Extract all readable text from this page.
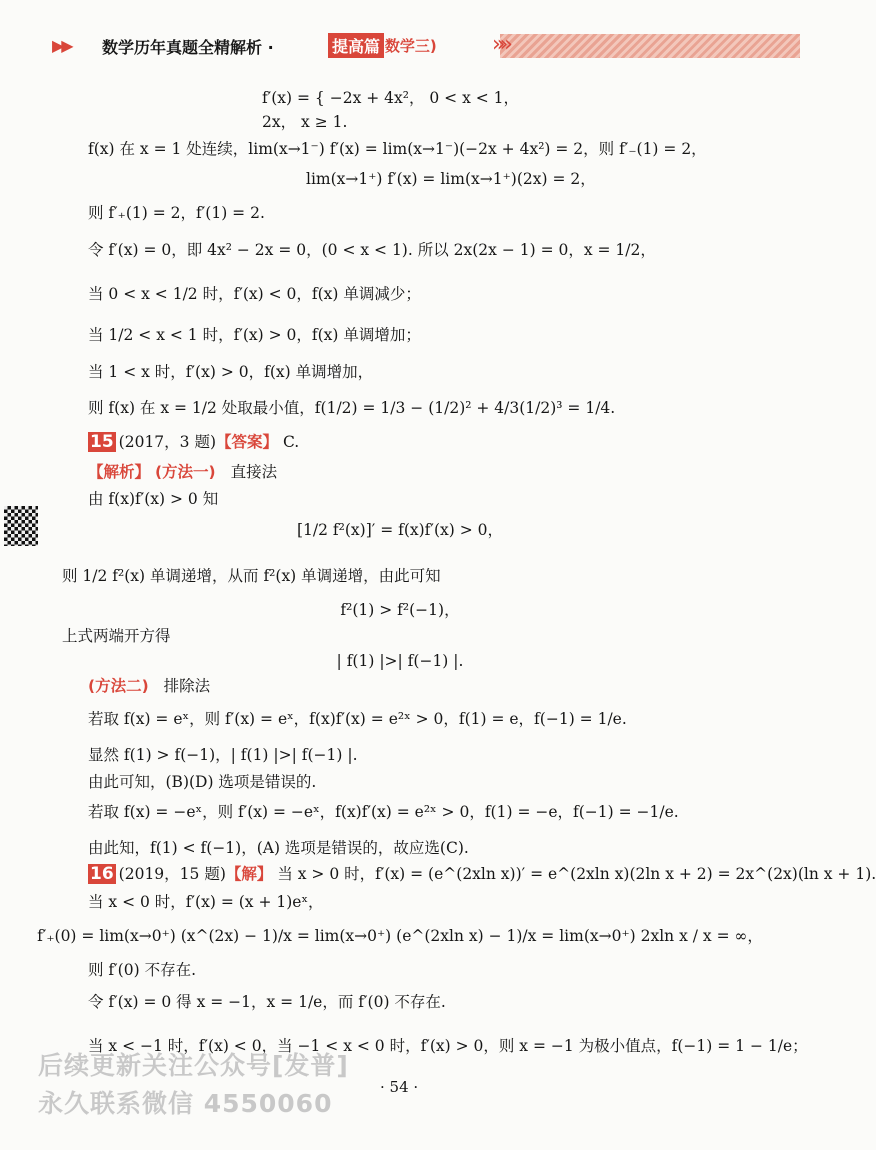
▶▶ 数学历年真题全精解析 ·	提高篇
(数学三)	»»
f′(x) = { −2x + 4x²， 0 < x < 1，
2x， x ≥ 1.
f(x) 在 x = 1 处连续，lim(x→1⁻) f′(x) = lim(x→1⁻)(−2x + 4x²) = 2，则 f′₋(1) = 2，
lim(x→1⁺) f′(x) = lim(x→1⁺)(2x) = 2，
则 f′₊(1) = 2，f′(1) = 2.
令 f′(x) = 0，即 4x² − 2x = 0，(0 < x < 1). 所以 2x(2x − 1) = 0，x = 1/2，
当 0 < x < 1/2 时，f′(x) < 0，f(x) 单调减少；
当 1/2 < x < 1 时，f′(x) > 0，f(x) 单调增加；
当 1 < x 时，f′(x) > 0，f(x) 单调增加，
则 f(x) 在 x = 1/2 处取最小值，f(1/2) = 1/3 − (1/2)² + 4/3(1/2)³ = 1/4.
15 (2017，3 题)【答案】 C.
【解析】 (方法一) 直接法
由 f(x)f′(x) > 0 知
[1/2 f²(x)]′ = f(x)f′(x) > 0，
则 1/2 f²(x) 单调递增，从而 f²(x) 单调递增，由此可知
f²(1) > f²(−1)，
上式两端开方得
| f(1) |>| f(−1) |.
(方法二) 排除法
若取 f(x) = eˣ，则 f′(x) = eˣ，f(x)f′(x) = e²ˣ > 0，f(1) = e，f(−1) = 1/e.
显然 f(1) > f(−1)，| f(1) |>| f(−1) |.
由此可知，(B)(D) 选项是错误的.
若取 f(x) = −eˣ，则 f′(x) = −eˣ，f(x)f′(x) = e²ˣ > 0，f(1) = −e，f(−1) = −1/e.
由此知，f(1) < f(−1)，(A) 选项是错误的，故应选(C).
16 (2019，15 题)【解】 当 x > 0 时，f′(x) = (e^(2xln x))′ = e^(2xln x)(2ln x + 2) = 2x^(2x)(ln x + 1).
当 x < 0 时，f′(x) = (x + 1)eˣ，
f′₊(0) = lim(x→0⁺) (x^(2x) − 1)/x = lim(x→0⁺) (e^(2xln x) − 1)/x = lim(x→0⁺) 2xln x / x = ∞，
则 f′(0) 不存在.
令 f′(x) = 0 得 x = −1，x = 1/e，而 f′(0) 不存在.
当 x < −1 时，f′(x) < 0，当 −1 < x < 0 时，f′(x) > 0，则 x = −1 为极小值点，f(−1) = 1 − 1/e；
后续更新关注公众号[发普]
永久联系微信 4550060
· 54 ·
